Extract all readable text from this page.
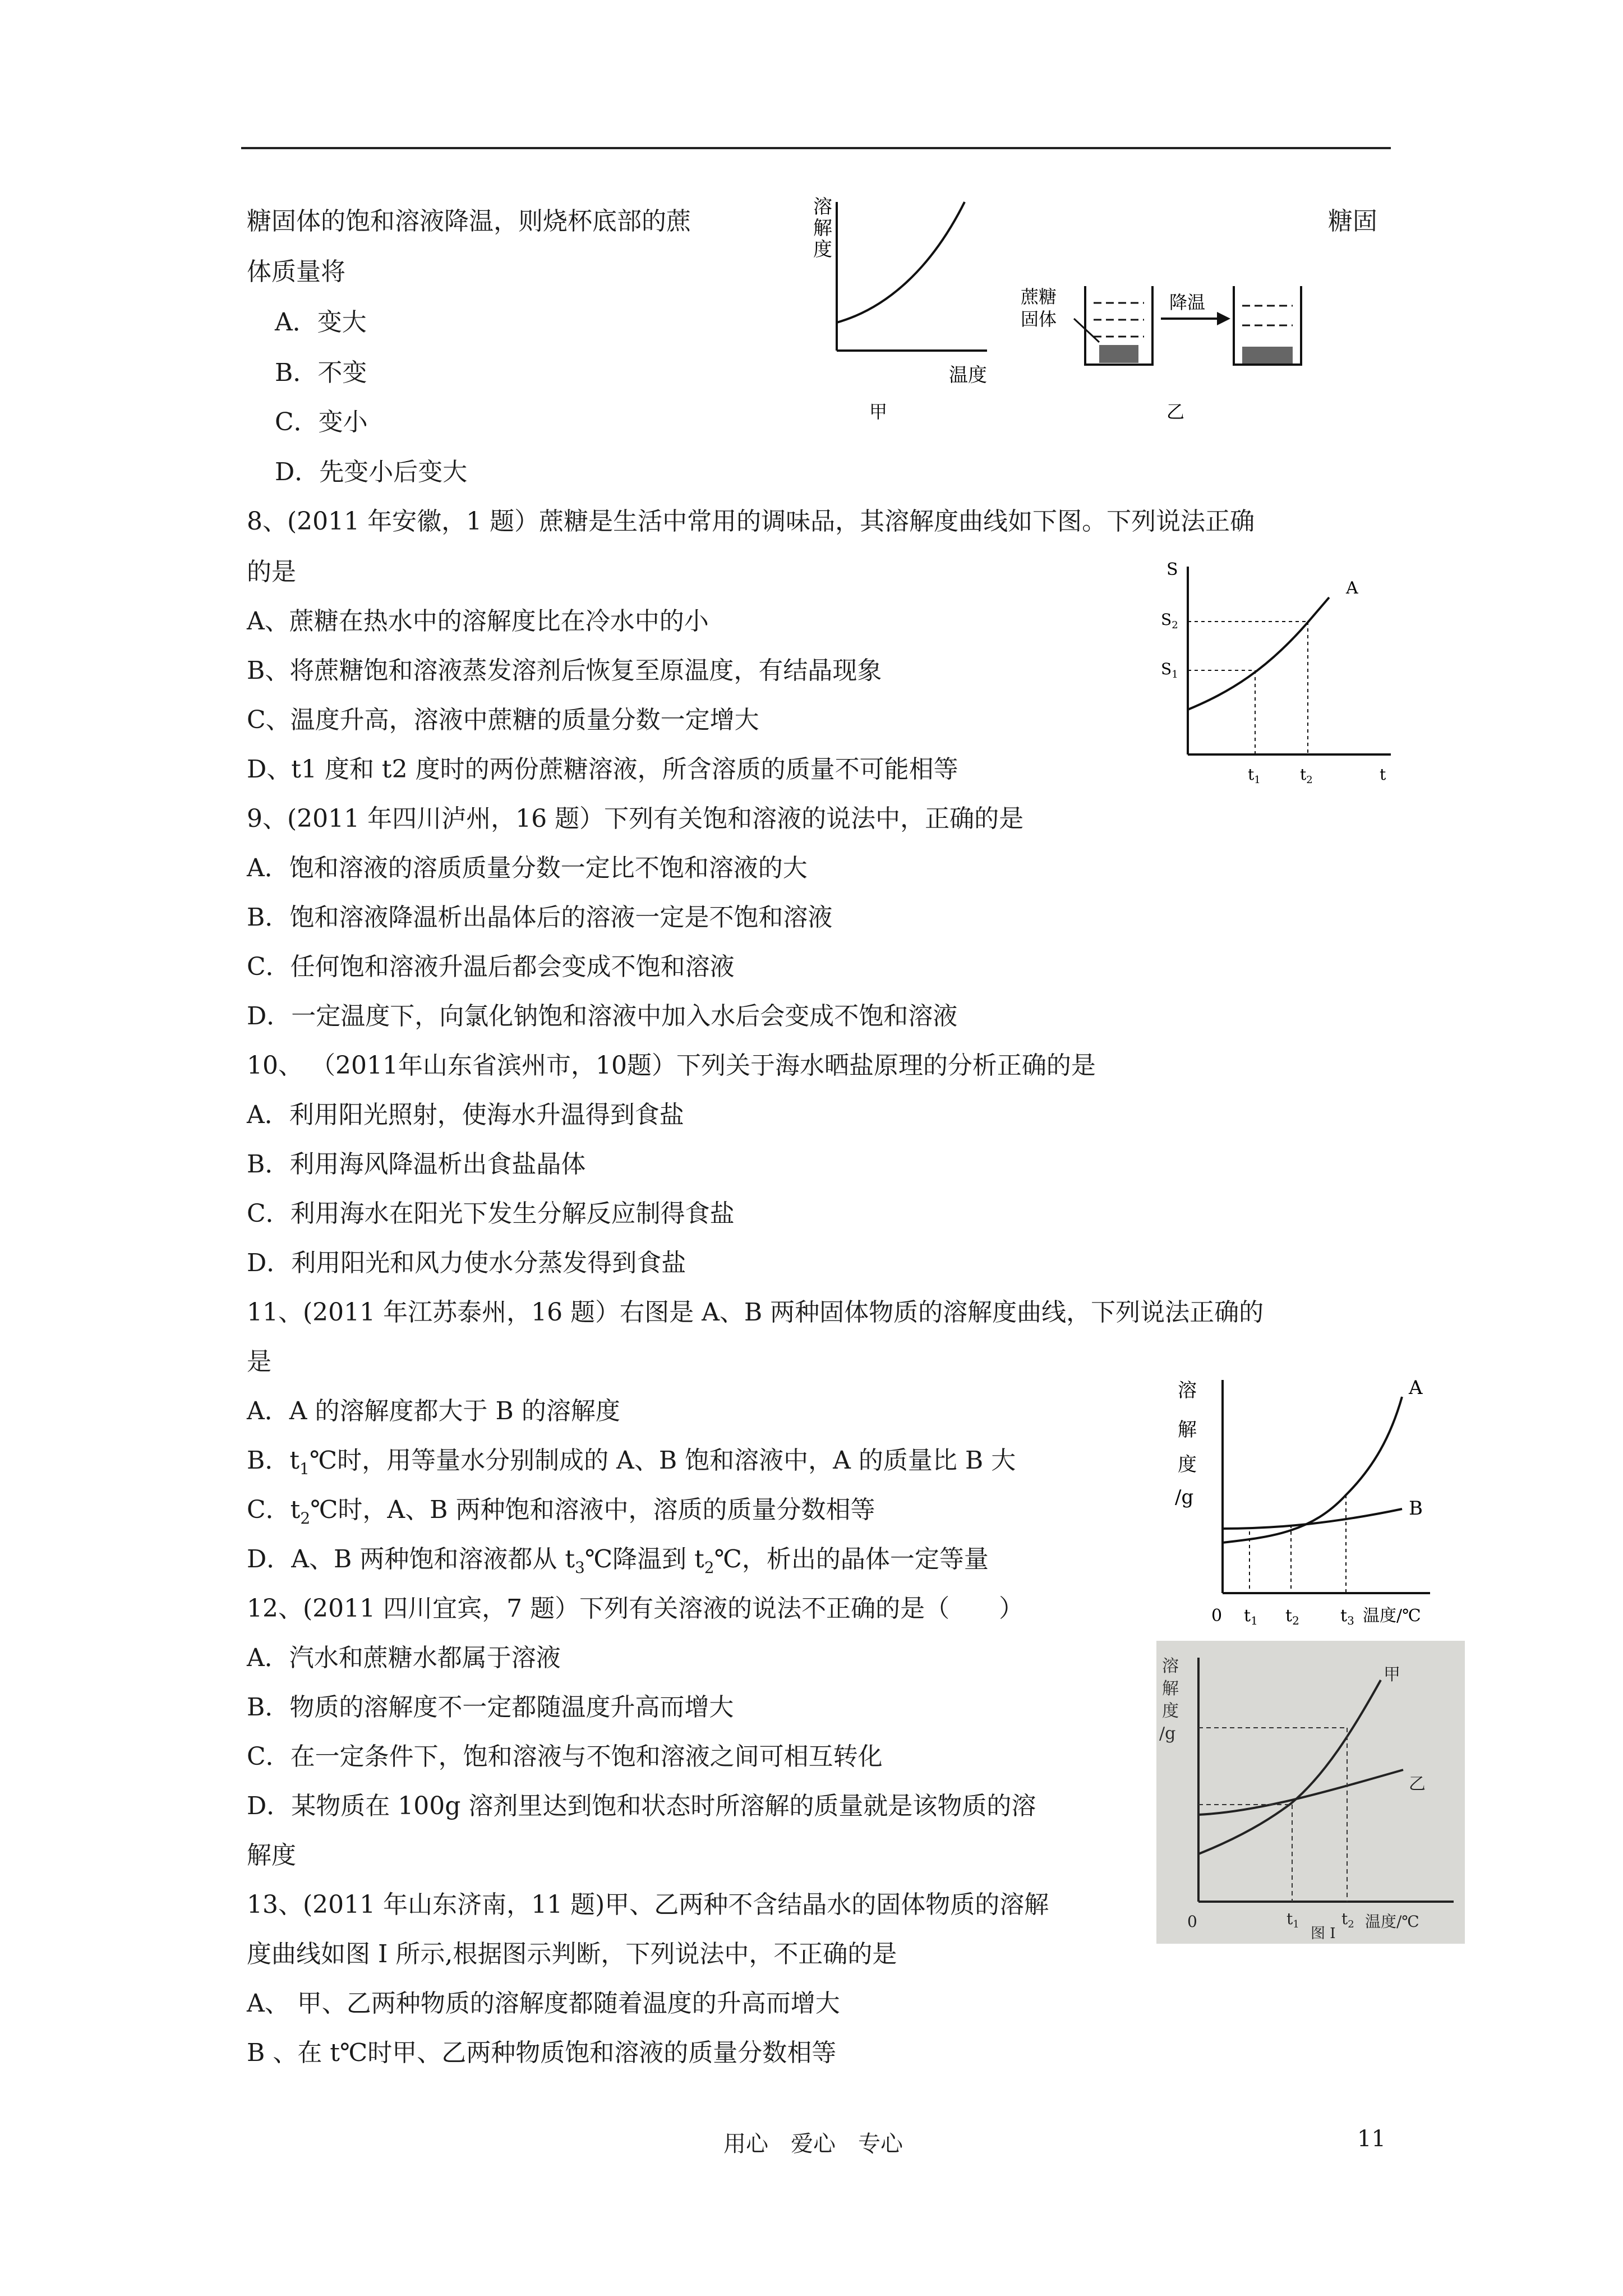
糖固体的饱和溶液降温，则烧杯底部的蔗	糖固
体质量将
A．变大
B．不变
C．变小
D．先变小后变大
溶
解
度
温度
甲
蔗糖
固体
降温
乙
8、(2011 年安徽，1 题）蔗糖是生活中常用的调味品，其溶解度曲线如下图。下列说法正确
的是
A、蔗糖在热水中的溶解度比在冷水中的小
B、将蔗糖饱和溶液蒸发溶剂后恢复至原温度，有结晶现象
C、温度升高，溶液中蔗糖的质量分数一定增大
D、t1 度和 t2 度时的两份蔗糖溶液，所含溶质的质量不可能相等
S
A
$S_2$
$S_1$
$t_1$	$t_2$	t
9、(2011 年四川泸州，16 题）下列有关饱和溶液的说法中，正确的是
A．饱和溶液的溶质质量分数一定比不饱和溶液的大
B．饱和溶液降温析出晶体后的溶液一定是不饱和溶液
C．任何饱和溶液升温后都会变成不饱和溶液
D．一定温度下，向氯化钠饱和溶液中加入水后会变成不饱和溶液
10、 （2011年山东省滨州市，10题）下列关于海水晒盐原理的分析正确的是
A．利用阳光照射，使海水升温得到食盐
B．利用海风降温析出食盐晶体
C．利用海水在阳光下发生分解反应制得食盐
D．利用阳光和风力使水分蒸发得到食盐
11、(2011 年江苏泰州，16 题）右图是 A、B 两种固体物质的溶解度曲线，下列说法正确的
是
A．A 的溶解度都大于 B 的溶解度
B．$t_1℃$时，用等量水分别制成的 A、B 饱和溶液中，A 的质量比 B 大
C．$t_2℃$时，A、B 两种饱和溶液中，溶质的质量分数相等
D．A、B 两种饱和溶液都从 $t_3℃$降温到 $t_2℃$，析出的晶体一定等量
溶
解
度
/g
A
B
0 $t_1$ $t_2$ $t_3$ 温度/℃
12、(2011 四川宜宾，7 题）下列有关溶液的说法不正确的是（　　）
A．汽水和蔗糖水都属于溶液
B．物质的溶解度不一定都随温度升高而增大
C．在一定条件下，饱和溶液与不饱和溶液之间可相互转化
D．某物质在 100g 溶剂里达到饱和状态时所溶解的质量就是该物质的溶
解度
溶
解
度
/g
甲
乙
0	$t_1$	$t_2$ 温度/℃
图 I
13、(2011 年山东济南，11 题)甲、乙两种不含结晶水的固体物质的溶解
度曲线如图 I 所示,根据图示判断，下列说法中，不正确的是
A、 甲、乙两种物质的溶解度都随着温度的升高而增大
B 、在 t℃时甲、乙两种物质饱和溶液的质量分数相等
用心　爱心　专心	11
